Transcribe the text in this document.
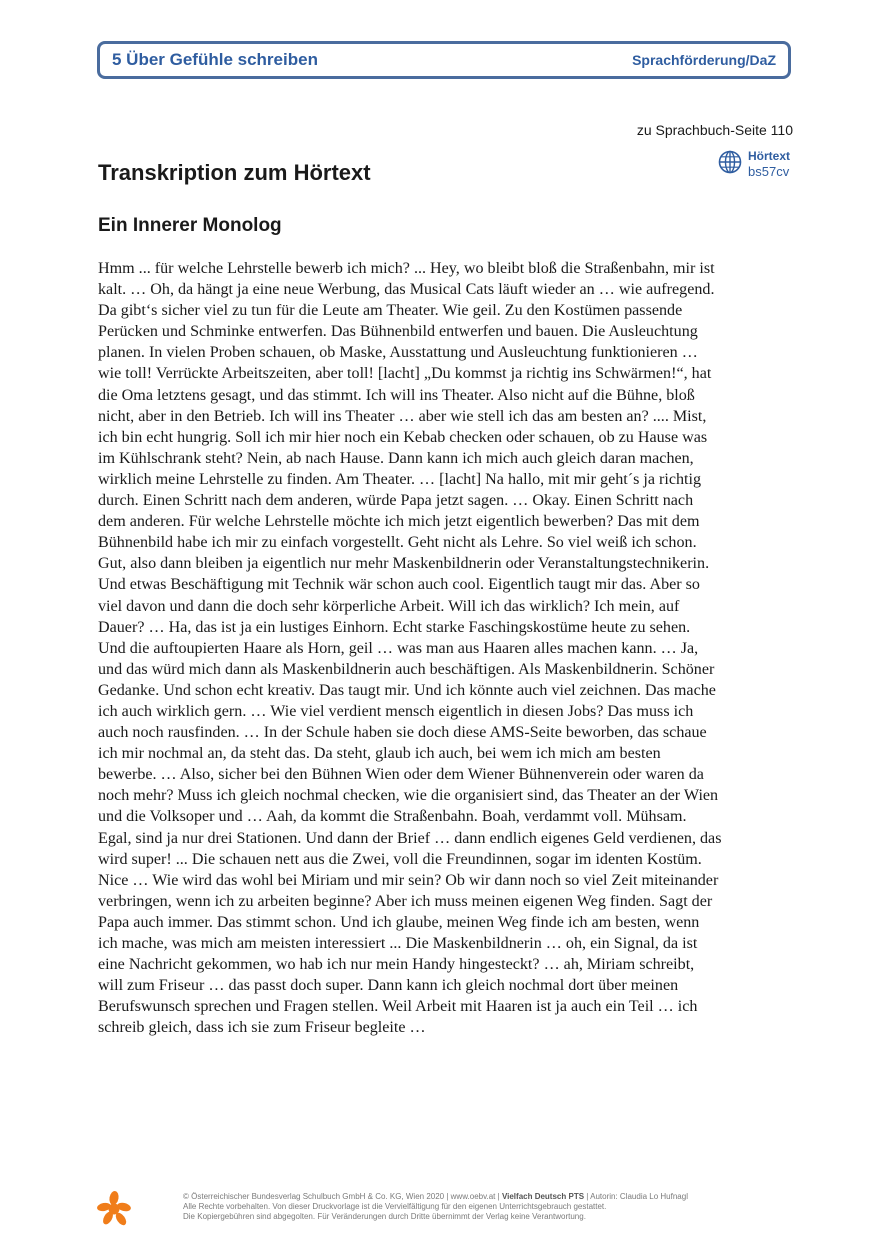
5 Über Gefühle schreiben	Sprachförderung/DaZ
zu Sprachbuch-Seite 110
Hörtext
bs57cv
Transkription zum Hörtext
Ein Innerer Monolog
Hmm ... für welche Lehrstelle bewerb ich mich? ... Hey, wo bleibt bloß die Straßenbahn, mir ist
kalt. … Oh, da hängt ja eine neue Werbung, das Musical Cats läuft wieder an … wie aufregend.
Da gibt‘s sicher viel zu tun für die Leute am Theater. Wie geil. Zu den Kostümen passende
Perücken und Schminke entwerfen. Das Bühnenbild entwerfen und bauen. Die Ausleuchtung
planen. In vielen Proben schauen, ob Maske, Ausstattung und Ausleuchtung funktionieren …
wie toll! Verrückte Arbeitszeiten, aber toll! [lacht] „Du kommst ja richtig ins Schwärmen!“, hat
die Oma letztens gesagt, und das stimmt. Ich will ins Theater. Also nicht auf die Bühne, bloß
nicht, aber in den Betrieb. Ich will ins Theater … aber wie stell ich das am besten an? .... Mist,
ich bin echt hungrig. Soll ich mir hier noch ein Kebab checken oder schauen, ob zu Hause was
im Kühlschrank steht? Nein, ab nach Hause. Dann kann ich mich auch gleich daran machen,
wirklich meine Lehrstelle zu finden. Am Theater. … [lacht] Na hallo, mit mir geht´s ja richtig
durch. Einen Schritt nach dem anderen, würde Papa jetzt sagen. … Okay. Einen Schritt nach
dem anderen. Für welche Lehrstelle möchte ich mich jetzt eigentlich bewerben? Das mit dem
Bühnenbild habe ich mir zu einfach vorgestellt. Geht nicht als Lehre. So viel weiß ich schon.
Gut, also dann bleiben ja eigentlich nur mehr Maskenbildnerin oder Veranstaltungstechnikerin.
Und etwas Beschäftigung mit Technik wär schon auch cool. Eigentlich taugt mir das. Aber so
viel davon und dann die doch sehr körperliche Arbeit. Will ich das wirklich? Ich mein, auf
Dauer? … Ha, das ist ja ein lustiges Einhorn. Echt starke Faschingskostüme heute zu sehen.
Und die auftoupierten Haare als Horn, geil … was man aus Haaren alles machen kann. … Ja,
und das würd mich dann als Maskenbildnerin auch beschäftigen. Als Maskenbildnerin. Schöner
Gedanke. Und schon echt kreativ. Das taugt mir. Und ich könnte auch viel zeichnen. Das mache
ich auch wirklich gern. … Wie viel verdient mensch eigentlich in diesen Jobs? Das muss ich
auch noch rausfinden. … In der Schule haben sie doch diese AMS-Seite beworben, das schaue
ich mir nochmal an, da steht das. Da steht, glaub ich auch, bei wem ich mich am besten
bewerbe. … Also, sicher bei den Bühnen Wien oder dem Wiener Bühnenverein oder waren da
noch mehr? Muss ich gleich nochmal checken, wie die organisiert sind, das Theater an der Wien
und die Volksoper und … Aah, da kommt die Straßenbahn. Boah, verdammt voll. Mühsam.
Egal, sind ja nur drei Stationen. Und dann der Brief … dann endlich eigenes Geld verdienen, das
wird super! ... Die schauen nett aus die Zwei, voll die Freundinnen, sogar im identen Kostüm.
Nice … Wie wird das wohl bei Miriam und mir sein? Ob wir dann noch so viel Zeit miteinander
verbringen, wenn ich zu arbeiten beginne? Aber ich muss meinen eigenen Weg finden. Sagt der
Papa auch immer. Das stimmt schon. Und ich glaube, meinen Weg finde ich am besten, wenn
ich mache, was mich am meisten interessiert ... Die Maskenbildnerin … oh, ein Signal, da ist
eine Nachricht gekommen, wo hab ich nur mein Handy hingesteckt? … ah, Miriam schreibt,
will zum Friseur … das passt doch super. Dann kann ich gleich nochmal dort über meinen
Berufswunsch sprechen und Fragen stellen. Weil Arbeit mit Haaren ist ja auch ein Teil … ich
schreib gleich, dass ich sie zum Friseur begleite …
© Österreichischer Bundesverlag Schulbuch GmbH & Co. KG, Wien 2020 | www.oebv.at | Vielfach Deutsch PTS | Autorin: Claudia Lo Hufnagl
Alle Rechte vorbehalten. Von dieser Druckvorlage ist die Vervielfältigung für den eigenen Unterrichtsgebrauch gestattet.
Die Kopiergebühren sind abgegolten. Für Veränderungen durch Dritte übernimmt der Verlag keine Verantwortung.
